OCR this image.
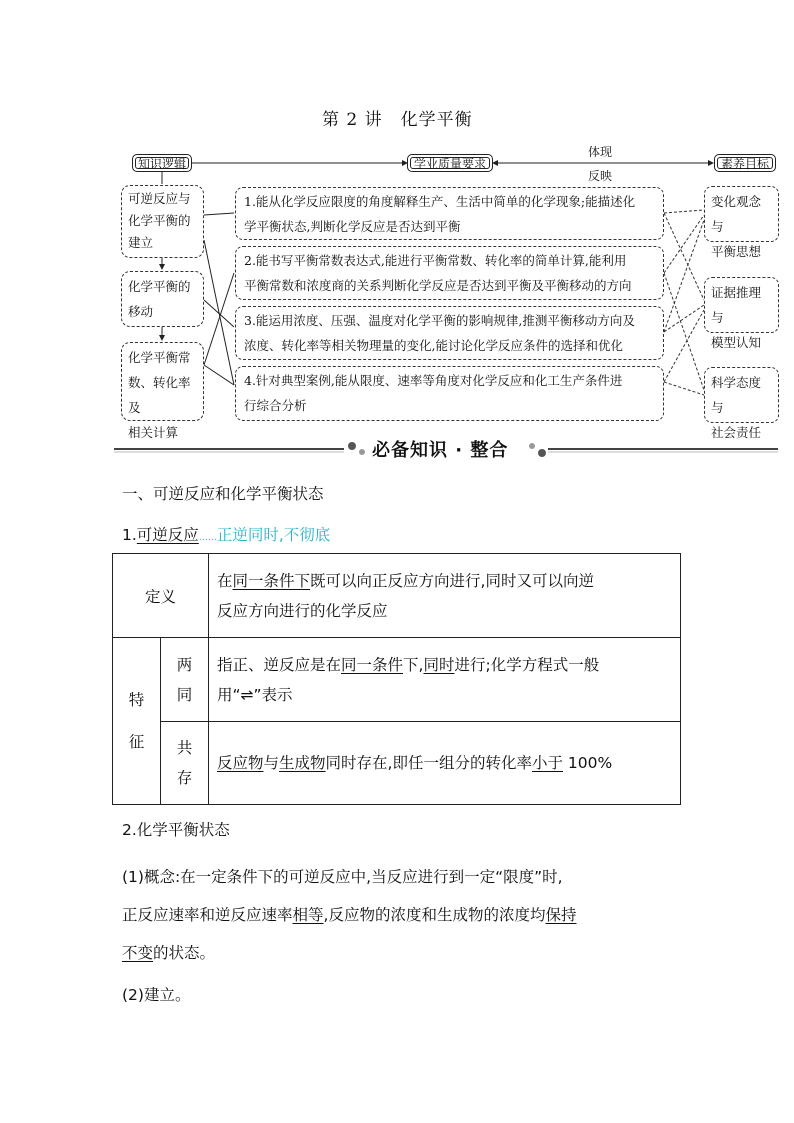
第 2 讲　化学平衡
知识逻辑	学业质量要求	素养目标
体现
反映
可逆反应与
化学平衡的
建立
化学平衡的
移动
化学平衡常
数、转化率及
相关计算
1.能从化学反应限度的角度解释生产、生活中简单的化学现象;能描述化
学平衡状态,判断化学反应是否达到平衡
2.能书写平衡常数表达式,能进行平衡常数、转化率的简单计算,能利用
平衡常数和浓度商的关系判断化学反应是否达到平衡及平衡移动的方向
3.能运用浓度、压强、温度对化学平衡的影响规律,推测平衡移动方向及
浓度、转化率等相关物理量的变化,能讨论化学反应条件的选择和优化
4.针对典型案例,能从限度、速率等角度对化学反应和化工生产条件进
行综合分析
变化观念与
平衡思想
证据推理与
模型认知
科学态度与
社会责任
必备知识 · 整合
一、可逆反应和化学平衡状态
1.可逆反应……正逆同时,不彻底
定义		在同一条件下既可以向正反应方向进行,同时又可以向逆
反应方向进行的化学反应
特
征	两
同	指正、逆反应是在同一条件下,同时进行;化学方程式一般
用“⇌”表示
	共
存	反应物与生成物同时存在,即任一组分的转化率小于 100%
2.化学平衡状态
(1)概念:在一定条件下的可逆反应中,当反应进行到一定“限度”时,
正反应速率和逆反应速率相等,反应物的浓度和生成物的浓度均保持
不变的状态。
(2)建立。
